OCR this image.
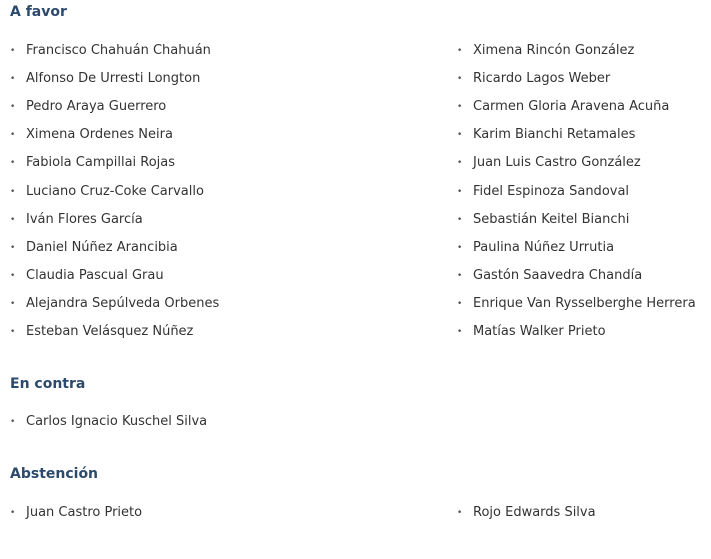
A favor
• Francisco Chahuán Chahuán
• Alfonso De Urresti Longton
• Pedro Araya Guerrero
• Ximena Ordenes Neira
• Fabiola Campillai Rojas
• Luciano Cruz-Coke Carvallo
• Iván Flores García
• Daniel Núñez Arancibia
• Claudia Pascual Grau
• Alejandra Sepúlveda Orbenes
• Esteban Velásquez Núñez
• Ximena Rincón González
• Ricardo Lagos Weber
• Carmen Gloria Aravena Acuña
• Karim Bianchi Retamales
• Juan Luis Castro González
• Fidel Espinoza Sandoval
• Sebastián Keitel Bianchi
• Paulina Núñez Urrutia
• Gastón Saavedra Chandía
• Enrique Van Rysselberghe Herrera
• Matías Walker Prieto
En contra
• Carlos Ignacio Kuschel Silva
Abstención
• Juan Castro Prieto	• Rojo Edwards Silva
